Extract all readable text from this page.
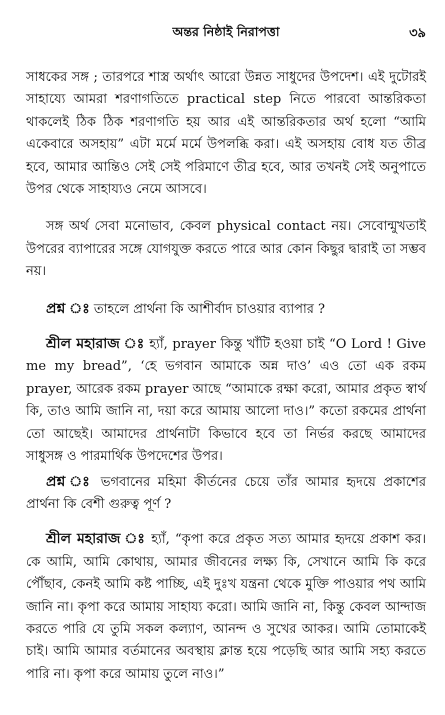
অন্তর নিষ্ঠাই নিরাপত্তা	৩৯

সাধকের সঙ্গ ; তারপরে শাস্ত্র অর্থাৎ আরো উন্নত সাধুদের উপদেশ। এই দুটোরই সাহায্যে আমরা শরণাগতিতে practical step নিতে পারবো আন্তরিকতা থাকলেই ঠিক ঠিক শরণাগতি হয় আর এই আন্তরিকতার অর্থ হলো “আমি একেবারে অসহায়” এটা মর্মে মর্মে উপলব্ধি করা। এই অসহায় বোধ যত তীব্র হবে, আমার আন্তিও সেই সেই পরিমাণে তীব্র হবে, আর তখনই সেই অনুপাতে উপর থেকে সাহায্যও নেমে আসবে।

সঙ্গ অর্থ সেবা মনোভাব, কেবল physical contact নয়। সেবোন্মুখতাই উপরের ব্যাপারের সঙ্গে যোগযুক্ত করতে পারে আর কোন কিছুর দ্বারাই তা সম্ভব নয়।

প্রশ্ন ঃ তাহলে প্রার্থনা কি আশীর্বাদ চাওয়ার ব্যাপার ?

শ্রীল মহারাজ ঃ হ্যাঁ, prayer কিন্তু খাঁটি হওয়া চাই “O Lord ! Give me my bread”, ‘হে ভগবান আমাকে অন্ন দাও’ এও তো এক রকম prayer, আরেক রকম prayer আছে “আমাকে রক্ষা করো, আমার প্রকৃত স্বার্থ কি, তাও আমি জানি না, দয়া করে আমায় আলো দাও।” কতো রকমের প্রার্থনা তো আছেই। আমাদের প্রার্থনাটা কিভাবে হবে তা নির্ভর করছে আমাদের সাধুসঙ্গ ও পারমার্থিক উপদেশের উপর।

প্রশ্ন ঃ ভগবানের মহিমা কীর্তনের চেয়ে তাঁর আমার হৃদয়ে প্রকাশের প্রার্থনা কি বেশী গুরুত্ব পূর্ণ ?

শ্রীল মহারাজ ঃ হ্যাঁ, “কৃপা করে প্রকৃত সত্য আমার হৃদয়ে প্রকাশ কর। কে আমি, আমি কোথায়, আমার জীবনের লক্ষ্য কি, সেখানে আমি কি করে পৌঁছাব, কেনই আমি কষ্ট পাচ্ছি, এই দুঃখ যন্ত্রনা থেকে মুক্তি পাওয়ার পথ আমি জানি না। কৃপা করে আমায় সাহায্য করো। আমি জানি না, কিন্তু কেবল আন্দাজ করতে পারি যে তুমি সকল কল্যাণ, আনন্দ ও সুখের আকর। আমি তোমাকেই চাই। আমি আমার বর্তমানের অবস্থায় ক্লান্ত হয়ে পড়েছি আর আমি সহ্য করতে পারি না। কৃপা করে আমায় তুলে নাও।”
